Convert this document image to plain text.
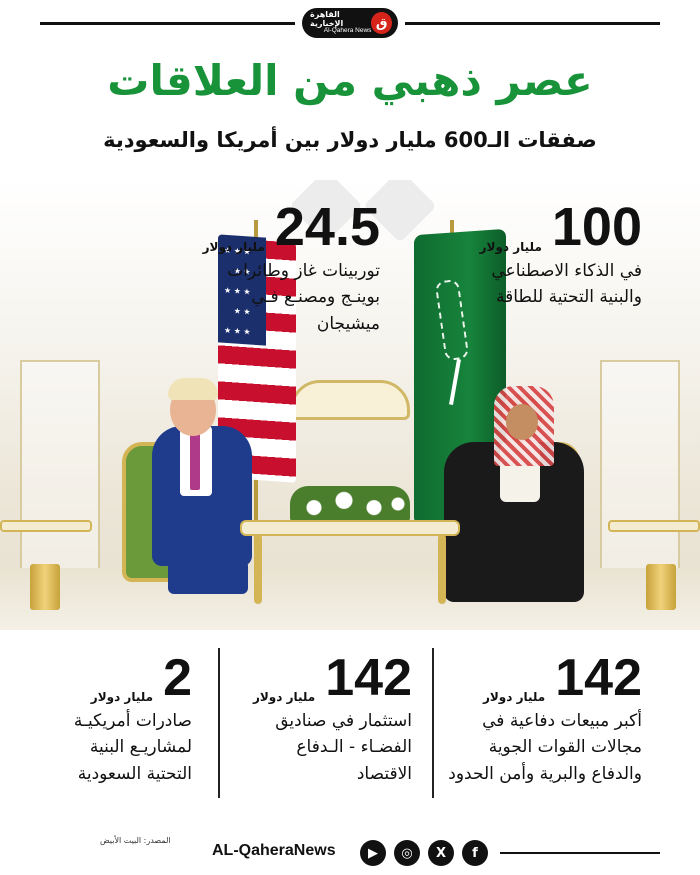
القاهرة الإخبارية
Al-Qahera News ق
عصر ذهبي من العلاقات
صفقات الـ600 مليار دولار بين أمريكا والسعودية
★ ★ ★ ★ ★ ★ ★ ★ ★ ★ ★ ★ ★
مليار دولار 100
في الذكاء الاصطناعي
والبنية التحتية للطاقة
مليار دولار 24.5
توربينات غاز وطائرات
بوينـج ومصنـع فـي
ميشيجان
مليار دولار 142
أكبر مبيعات دفاعية في
مجالات القوات الجوية
والدفاع والبرية وأمن الحدود
مليار دولار 142
استثمار في صناديق
الفضـاء - الـدفاع
الاقتصاد
مليار دولار 2
صادرات أمريكيـة
لمشاريـع البنية
التحتية السعودية
المصدر: البيت الأبيض
AL-QaheraNews	▶	◎	X	f
